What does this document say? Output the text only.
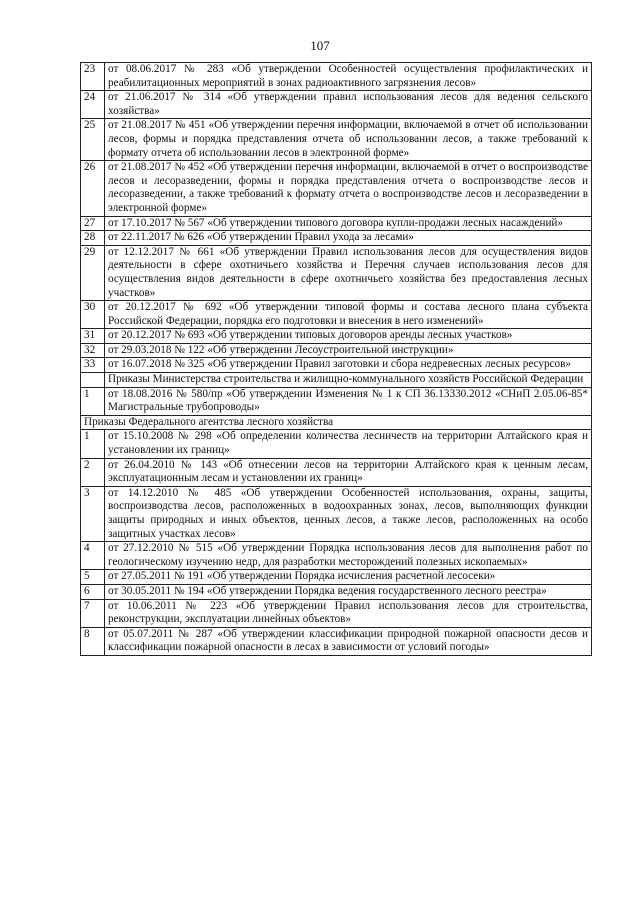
107
23	от 08.06.2017 № 283 «Об утверждении Особенностей осуществления профилактических и реабилитационных мероприятий в зонах радиоактивного загрязнения лесов»
24	от 21.06.2017 № 314 «Об утверждении правил использования лесов для ведения сельского хозяйства»
25	от 21.08.2017 № 451 «Об утверждении перечня информации, включаемой в отчет об использовании лесов, формы и порядка представления отчета об использовании лесов, а также требований к формату отчета об использовании лесов в электронной форме»
26	от 21.08.2017 № 452 «Об утверждении перечня информации, включаемой в отчет о воспроизводстве лесов и лесоразведении, формы и порядка представления отчета о воспроизводстве лесов и лесоразведении, а также требований к формату отчета о воспроизводстве лесов и лесоразведении в электронной форме»
27	от 17.10.2017 № 567 «Об утверждении типового договора купли-продажи лесных насаждений»
28	от 22.11.2017 № 626 «Об утверждении Правил ухода за лесами»
29	от 12.12.2017 № 661 «Об утверждении Правил использования лесов для осуществления видов деятельности в сфере охотничьего хозяйства и Перечня случаев использования лесов для осуществления видов деятельности в сфере охотничьего хозяйства без предоставления лесных участков»
30	от 20.12.2017 № 692 «Об утверждении типовой формы и состава лесного плана субъекта Российской Федерации, порядка его подготовки и внесения в него изменений»
31	от 20.12.2017 № 693 «Об утверждении типовых договоров аренды лесных участков»
32	от 29.03.2018 № 122 «Об утверждении Лесоустроительной инструкции»
33	от 16.07.2018 № 325 «Об утверждении Правил заготовки и сбора недревесных лесных ресурсов»
	Приказы Министерства строительства и жилищно-коммунального хозяйств Российской Федерации
1	от 18.08.2016 № 580/пр «Об утверждении Изменения № 1 к СП 36.13330.2012 «СНиП 2.05.06-85* Магистральные трубопроводы»
Приказы Федерального агентства лесного хозяйства	
1	от 15.10.2008 № 298 «Об определении количества лесничеств на территории Алтайского края и установлении их границ»
2	от 26.04.2010 № 143 «Об отнесении лесов на территории Алтайского края к ценным лесам, эксплуатационным лесам и установлении их границ»
3	от 14.12.2010 № 485 «Об утверждении Особенностей использования, охраны, защиты, воспроизводства лесов, расположенных в водоохранных зонах, лесов, выполняющих функции защиты природных и иных объектов, ценных лесов, а также лесов, расположенных на особо защитных участках лесов»
4	от 27.12.2010 № 515 «Об утверждении Порядка использования лесов для выполнения работ по геологическому изучению недр, для разработки месторождений полезных ископаемых»
5	от 27.05.2011 № 191 «Об утверждении Порядка исчисления расчетной лесосеки»
6	от 30.05.2011 № 194 «Об утверждении Порядка ведения государственного лесного реестра»
7	от 10.06.2011 № 223 «Об утверждении Правил использования лесов для строительства, реконструкции, эксплуатации линейных объектов»
8	от 05.07.2011 № 287 «Об утверждении классификации природной пожарной опасности десов и классификации пожарной опасности в лесах в зависимости от условий погоды»
